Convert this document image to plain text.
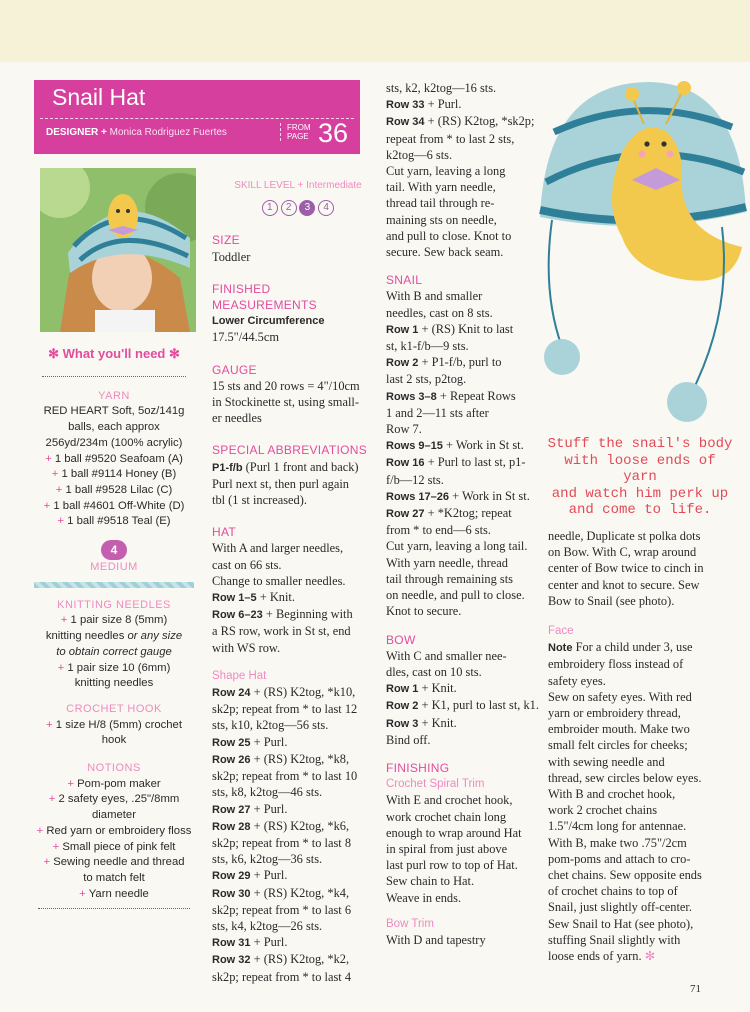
Snail Hat
DESIGNER + Monica Rodriguez Fuertes	FROM
PAGE 36
✻ What you'll need ✻
YARN
RED HEART Soft, 5oz/141g
balls, each approx
256yd/234m (100% acrylic)
+ 1 ball #9520 Seafoam (A)
+ 1 ball #9114 Honey (B)
+ 1 ball #9528 Lilac (C)
+ 1 ball #4601 Off-White (D)
+ 1 ball #9518 Teal (E)
4
MEDIUM
KNITTING NEEDLES
+ 1 pair size 8 (5mm)
knitting needles or any size
to obtain correct gauge
+ 1 pair size 10 (6mm)
knitting needles
CROCHET HOOK
+ 1 size H/8 (5mm) crochet hook
NOTIONS
+ Pom-pom maker
+ 2 safety eyes, .25"/8mm
diameter
+ Red yarn or embroidery floss
+ Small piece of pink felt
+ Sewing needle and thread
to match felt
+ Yarn needle
SKILL LEVEL + Intermediate
1 2 3 4
SIZE

Toddler

FINISHED MEASUREMENTS
Lower Circumference

17.5"/44.5cm

GAUGE

15 sts and 20 rows = 4"/10cm

in Stockinette st, using small-

er needles

SPECIAL ABBREVIATIONS

P1-f/b (Purl 1 front and back)

Purl next st, then purl again

tbl (1 st increased).

HAT

With A and larger needles,

cast on 66 sts.

Change to smaller needles.

Row 1–5 + Knit.

Row 6–23 + Beginning with

a RS row, work in St st, end

with WS row.

Shape Hat

Row 24 + (RS) K2tog, *k10,

sk2p; repeat from * to last 12

sts, k10, k2tog—56 sts.

Row 25 + Purl.

Row 26 + (RS) K2tog, *k8,

sk2p; repeat from * to last 10

sts, k8, k2tog—46 sts.

Row 27 + Purl.

Row 28 + (RS) K2tog, *k6,

sk2p; repeat from * to last 8

sts, k6, k2tog—36 sts.

Row 29 + Purl.

Row 30 + (RS) K2tog, *k4,

sk2p; repeat from * to last 6

sts, k4, k2tog—26 sts.

Row 31 + Purl.

Row 32 + (RS) K2tog, *k2,

sk2p; repeat from * to last 4

sts, k2, k2tog—16 sts.

Row 33 + Purl.

Row 34 + (RS) K2tog, *sk2p;

repeat from * to last 2 sts,

k2tog—6 sts.

Cut yarn, leaving a long

tail. With yarn needle,

thread tail through re-

maining sts on needle,

and pull to close. Knot to

secure. Sew back seam.

SNAIL

With B and smaller

needles, cast on 8 sts.

Row 1 + (RS) Knit to last

st, k1-f/b—9 sts.

Row 2 + P1-f/b, purl to

last 2 sts, p2tog.

Rows 3–8 + Repeat Rows

1 and 2—11 sts after

Row 7.

Rows 9–15 + Work in St st.

Row 16 + Purl to last st, p1-

f/b—12 sts.

Rows 17–26 + Work in St st.

Row 27 + *K2tog; repeat

from * to end—6 sts.

Cut yarn, leaving a long tail.

With yarn needle, thread

tail through remaining sts

on needle, and pull to close.

Knot to secure.

BOW

With C and smaller nee-

dles, cast on 10 sts.

Row 1 + Knit.

Row 2 + K1, purl to last st, k1.

Row 3 + Knit.

Bind off.

FINISHING
Crochet Spiral Trim

With E and crochet hook,

work crochet chain long

enough to wrap around Hat

in spiral from just above

last purl row to top of Hat.

Sew chain to Hat.

Weave in ends.

Bow Trim

With D and tapestry

Stuff the snail's body
with loose ends of yarn
and watch him perk up
and come to life.

needle, Duplicate st polka dots

on Bow. With C, wrap around

center of Bow twice to cinch in

center and knot to secure. Sew

Bow to Snail (see photo).

Face

Note For a child under 3, use

embroidery floss instead of

safety eyes.

Sew on safety eyes. With red

yarn or embroidery thread,

embroider mouth. Make two

small felt circles for cheeks;

with sewing needle and

thread, sew circles below eyes.

With B and crochet hook,

work 2 crochet chains

1.5"/4cm long for antennae.

With B, make two .75"/2cm

pom-poms and attach to cro-

chet chains. Sew opposite ends

of crochet chains to top of

Snail, just slightly off-center.

Sew Snail to Hat (see photo),

stuffing Snail slightly with

loose ends of yarn. ✻

71
